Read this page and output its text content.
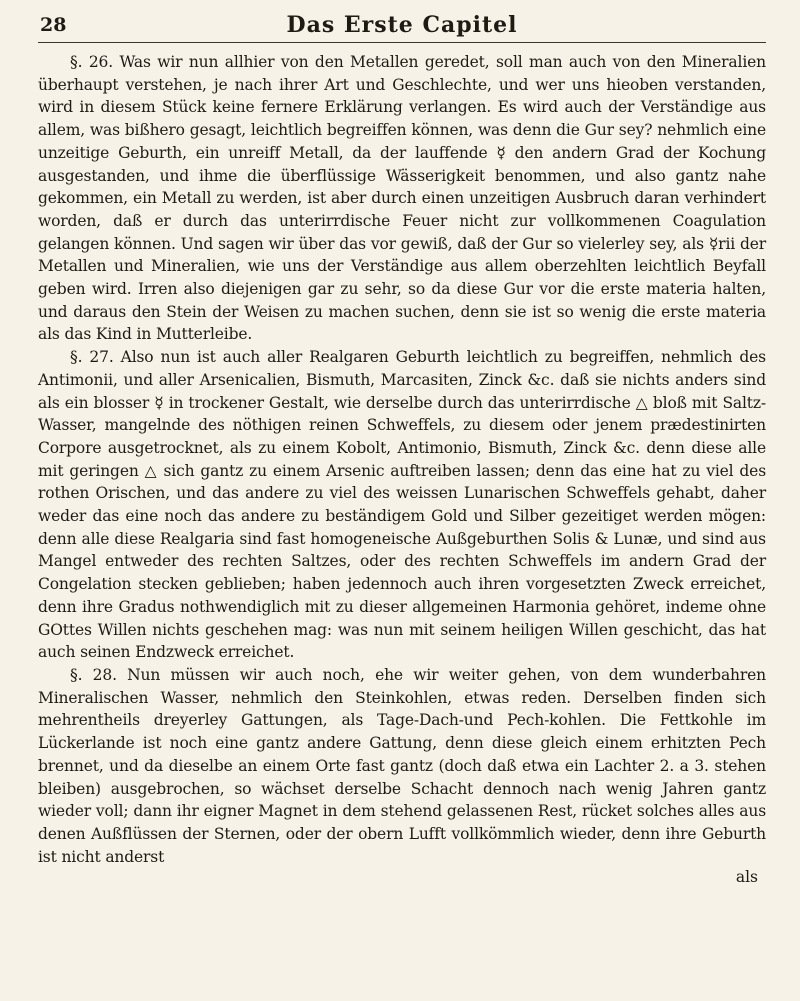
28	Das Erste Capitel

§. 26. Was wir nun allhier von den Metallen geredet, soll man auch von den Mineralien überhaupt verstehen, je nach ihrer Art und Geschlechte, und wer uns hieoben verstanden, wird in diesem Stück keine fernere Erklärung verlangen. Es wird auch der Verständige aus allem, was bißhero gesagt, leichtlich begreiffen können, was denn die Gur sey? nehmlich eine unzeitige Geburth, ein unreiff Metall, da der lauffende ☿ den andern Grad der Kochung ausgestanden, und ihme die überflüssige Wässerigkeit benommen, und also gantz nahe gekommen, ein Metall zu werden, ist aber durch einen unzeitigen Ausbruch daran verhindert worden, daß er durch das unterirrdische Feuer nicht zur vollkommenen Coagulation gelangen können. Und sagen wir über das vor gewiß, daß der Gur so vielerley sey, als ☿rii der Metallen und Mineralien, wie uns der Verständige aus allem oberzehlten leichtlich Beyfall geben wird. Irren also diejenigen gar zu sehr, so da diese Gur vor die erste materia halten, und daraus den Stein der Weisen zu machen suchen, denn sie ist so wenig die erste materia als das Kind in Mutterleibe.

§. 27. Also nun ist auch aller Realgaren Geburth leichtlich zu begreiffen, nehmlich des Antimonii, und aller Arsenicalien, Bismuth, Marcasiten, Zinck &c. daß sie nichts anders sind als ein blosser ☿ in trockener Gestalt, wie derselbe durch das unterirrdische △ bloß mit Saltz-Wasser, mangelnde des nöthigen reinen Schweffels, zu diesem oder jenem prædestinirten Corpore ausgetrocknet, als zu einem Kobolt, Antimonio, Bismuth, Zinck &c. denn diese alle mit geringen △ sich gantz zu einem Arsenic auftreiben lassen; denn das eine hat zu viel des rothen Orischen, und das andere zu viel des weissen Lunarischen Schweffels gehabt, daher weder das eine noch das andere zu beständigem Gold und Silber gezeitiget werden mögen: denn alle diese Realgaria sind fast homogeneische Außgeburthen Solis & Lunæ, und sind aus Mangel entweder des rechten Saltzes, oder des rechten Schweffels im andern Grad der Congelation stecken geblieben; haben jedennoch auch ihren vorgesetzten Zweck erreichet, denn ihre Gradus nothwendiglich mit zu dieser allgemeinen Harmonia gehöret, indeme ohne GOttes Willen nichts geschehen mag: was nun mit seinem heiligen Willen geschicht, das hat auch seinen Endzweck erreichet.

§. 28. Nun müssen wir auch noch, ehe wir weiter gehen, von dem wunderbahren Mineralischen Wasser, nehmlich den Steinkohlen, etwas reden. Derselben finden sich mehrentheils dreyerley Gattungen, als Tage-Dach-und Pech-kohlen. Die Fettkohle im Lückerlande ist noch eine gantz andere Gattung, denn diese gleich einem erhitzten Pech brennet, und da dieselbe an einem Orte fast gantz (doch daß etwa ein Lachter 2. a 3. stehen bleiben) ausgebrochen, so wächset derselbe Schacht dennoch nach wenig Jahren gantz wieder voll; dann ihr eigner Magnet in dem stehend gelassenen Rest, rücket solches alles aus denen Außflüssen der Sternen, oder der obern Lufft vollkömmlich wieder, denn ihre Geburth ist nicht anderst

als
